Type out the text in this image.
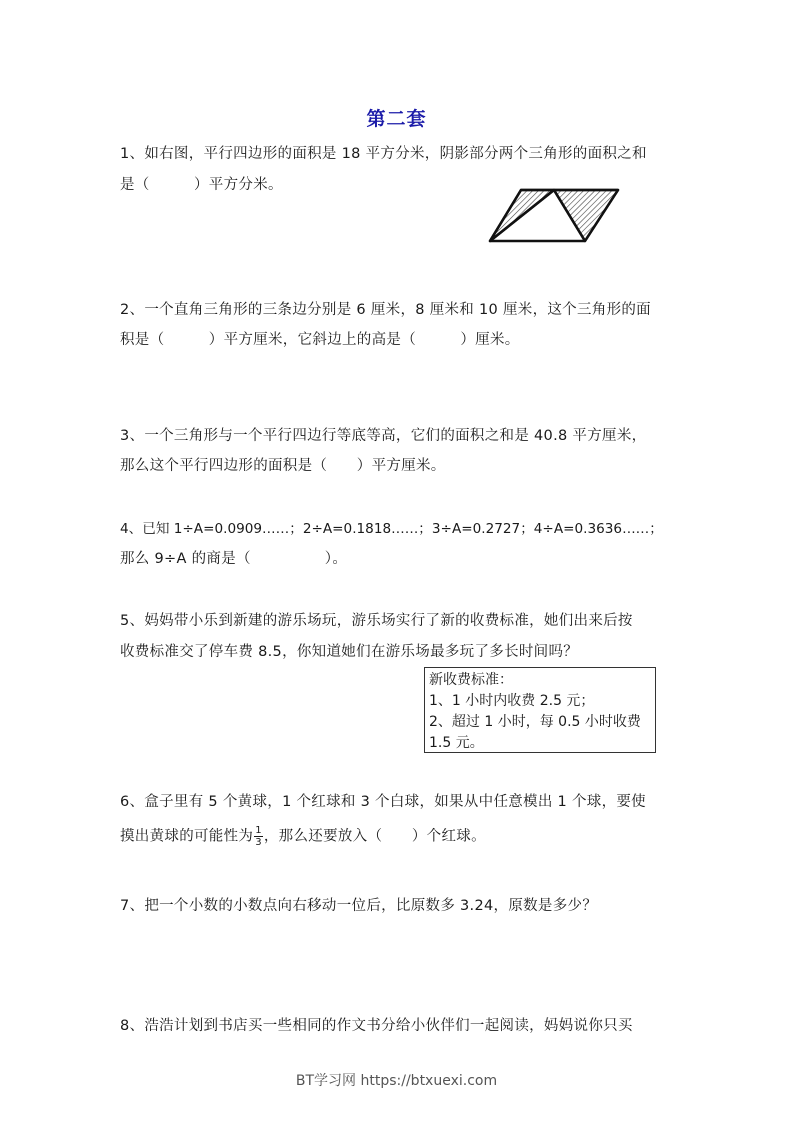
第二套
1、如右图，平行四边形的面积是 18 平方分米，阴影部分两个三角形的面积之和
是（　　　）平方分米。
2、一个直角三角形的三条边分别是 6 厘米，8 厘米和 10 厘米，这个三角形的面
积是（　　　）平方厘米，它斜边上的高是（　　　）厘米。
3、一个三角形与一个平行四边行等底等高，它们的面积之和是 40.8 平方厘米，
那么这个平行四边形的面积是（　　）平方厘米。
4、已知 1÷A=0.0909……；2÷A=0.1818……；3÷A=0.2727；4÷A=0.3636……；
那么 9÷A 的商是（　　　　　）。
5、妈妈带小乐到新建的游乐场玩，游乐场实行了新的收费标准，她们出来后按
收费标准交了停车费 8.5，你知道她们在游乐场最多玩了多长时间吗？
新收费标准：
1、1 小时内收费 2.5 元；
2、超过 1 小时，每 0.5 小时收费
1.5 元。
6、盒子里有 5 个黄球，1 个红球和 3 个白球，如果从中任意模出 1 个球，要使
摸出黄球的可能性为 $\frac{1}{3}$ ，那么还要放入（　　）个红球。
7、把一个小数的小数点向右移动一位后，比原数多 3.24，原数是多少？
8、浩浩计划到书店买一些相同的作文书分给小伙伴们一起阅读，妈妈说你只买
BT学习网 https://btxuexi.com
